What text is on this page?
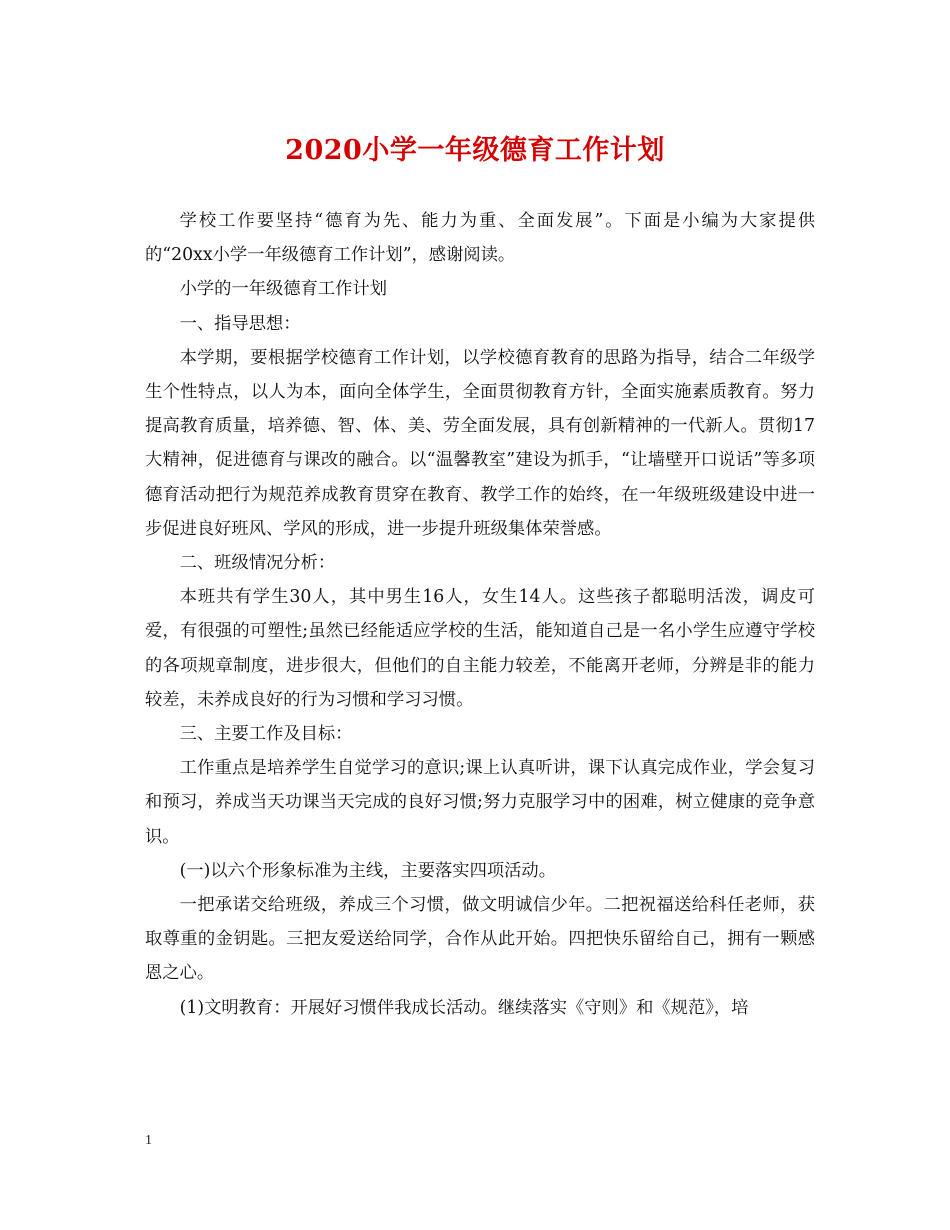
2020小学一年级德育工作计划

学校工作要坚持“德育为先、能力为重、全面发展”。下面是小编为大家提供的“20xx小学一年级德育工作计划”，感谢阅读。

小学的一年级德育工作计划

一、指导思想：

本学期，要根据学校德育工作计划，以学校德育教育的思路为指导，结合二年级学生个性特点，以人为本，面向全体学生，全面贯彻教育方针，全面实施素质教育。努力提高教育质量，培养德、智、体、美、劳全面发展，具有创新精神的一代新人。贯彻17大精神，促进德育与课改的融合。以“温馨教室”建设为抓手，“让墙壁开口说话”等多项德育活动把行为规范养成教育贯穿在教育、教学工作的始终，在一年级班级建设中进一步促进良好班风、学风的形成，进一步提升班级集体荣誉感。

二、班级情况分析：

本班共有学生30人，其中男生16人，女生14人。这些孩子都聪明活泼，调皮可爱，有很强的可塑性;虽然已经能适应学校的生活，能知道自己是一名小学生应遵守学校的各项规章制度，进步很大，但他们的自主能力较差，不能离开老师，分辨是非的能力较差，未养成良好的行为习惯和学习习惯。

三、主要工作及目标：

工作重点是培养学生自觉学习的意识;课上认真听讲，课下认真完成作业，学会复习和预习，养成当天功课当天完成的良好习惯;努力克服学习中的困难，树立健康的竞争意识。

(一)以六个形象标准为主线，主要落实四项活动。

一把承诺交给班级，养成三个习惯，做文明诚信少年。二把祝福送给科任老师，获取尊重的金钥匙。三把友爱送给同学，合作从此开始。四把快乐留给自己，拥有一颗感恩之心。

(1)文明教育：开展好习惯伴我成长活动。继续落实《守则》和《规范》，培

1
